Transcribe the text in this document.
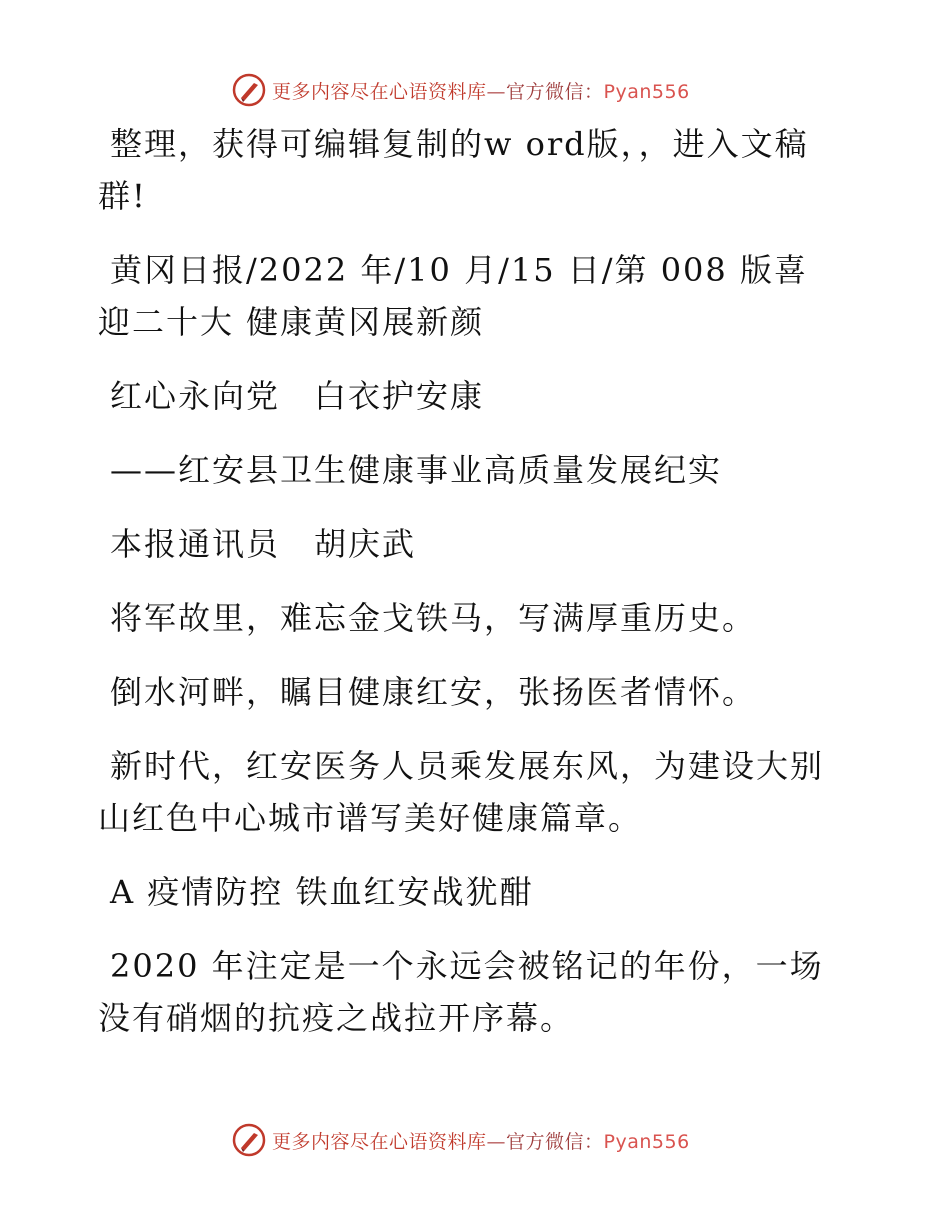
更多内容尽在心语资料库—官方微信：Pyan556

整理，获得可编辑复制的w ord版，，进入文稿群!

黄冈日报/2022 年/10 月/15 日/第 008 版喜迎二十大 健康黄冈展新颜

红心永向党　白衣护安康

——红安县卫生健康事业高质量发展纪实

本报通讯员　胡庆武

将军故里，难忘金戈铁马，写满厚重历史。

倒水河畔，瞩目健康红安，张扬医者情怀。

新时代，红安医务人员乘发展东风，为建设大别山红色中心城市谱写美好健康篇章。

A 疫情防控 铁血红安战犹酣

2020 年注定是一个永远会被铭记的年份，一场没有硝烟的抗疫之战拉开序幕。

更多内容尽在心语资料库—官方微信：Pyan556
